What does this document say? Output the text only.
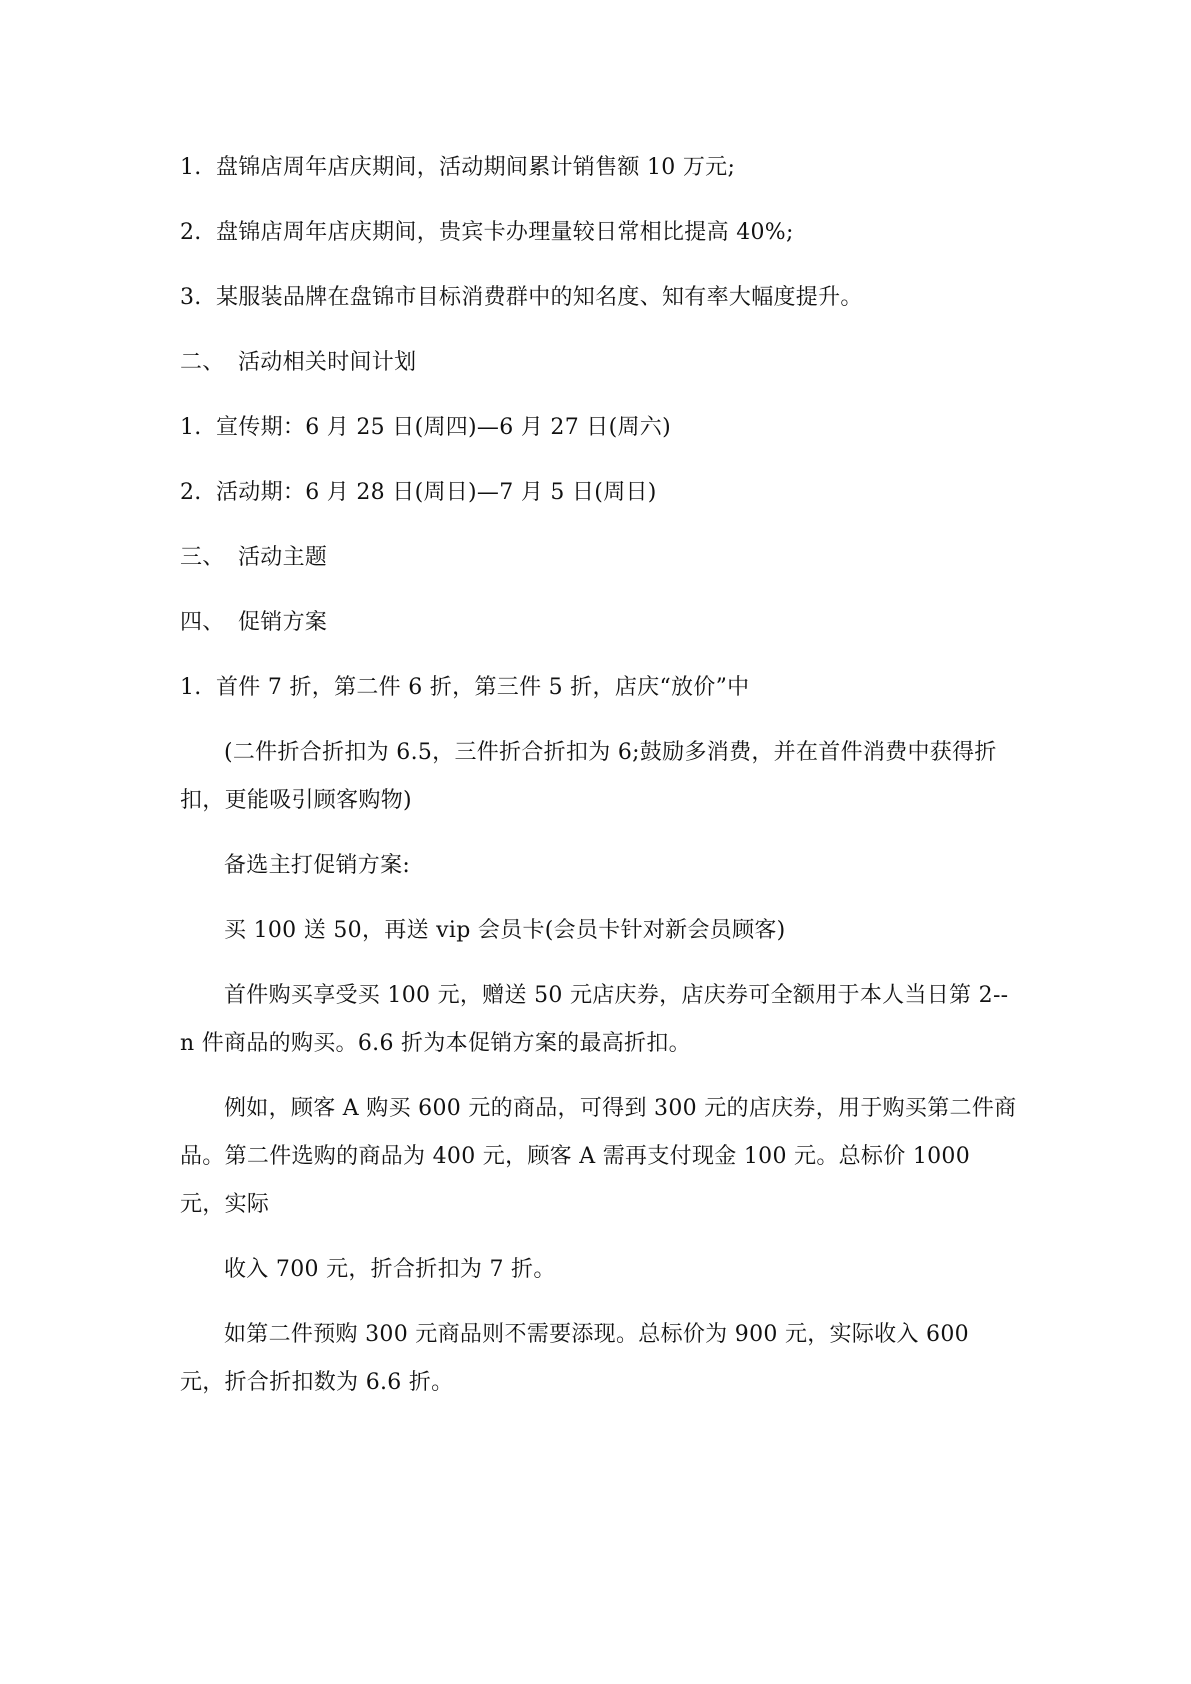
1. 盘锦店周年店庆期间，活动期间累计销售额 10 万元;

2. 盘锦店周年店庆期间，贵宾卡办理量较日常相比提高 40%;

3. 某服装品牌在盘锦市目标消费群中的知名度、知有率大幅度提升。

二、 活动相关时间计划

1. 宣传期：6 月 25 日(周四)—6 月 27 日(周六)

2. 活动期：6 月 28 日(周日)—7 月 5 日(周日)

三、 活动主题

四、 促销方案

1. 首件 7 折，第二件 6 折，第三件 5 折，店庆“放价”中

(二件折合折扣为 6.5，三件折合折扣为 6;鼓励多消费，并在首件消费中获得折扣，更能吸引顾客购物)

备选主打促销方案:

买 100 送 50，再送 vip 会员卡(会员卡针对新会员顾客)

首件购买享受买 100 元，赠送 50 元店庆券，店庆券可全额用于本人当日第 2--n 件商品的购买。6.6 折为本促销方案的最高折扣。

例如，顾客 A 购买 600 元的商品，可得到 300 元的店庆券，用于购买第二件商品。第二件选购的商品为 400 元，顾客 A 需再支付现金 100 元。总标价 1000 元，实际

收入 700 元，折合折扣为 7 折。

如第二件预购 300 元商品则不需要添现。总标价为 900 元，实际收入 600 元，折合折扣数为 6.6 折。
